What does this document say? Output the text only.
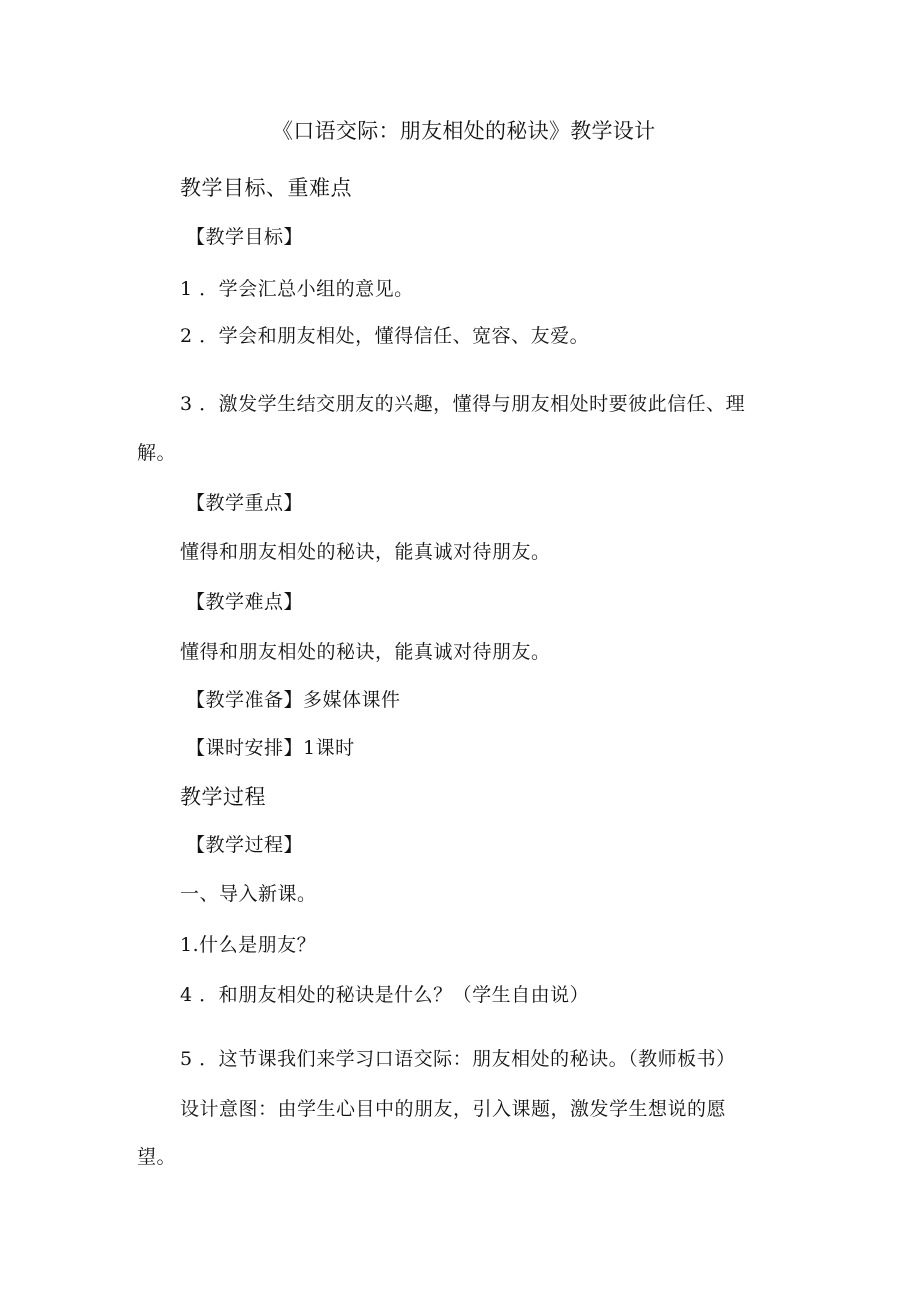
《口语交际：朋友相处的秘诀》教学设计
教学目标、重难点
【教学目标】
1 ．学会汇总小组的意见。
2 ．学会和朋友相处，懂得信任、宽容、友爱。
3 ．激发学生结交朋友的兴趣，懂得与朋友相处时要彼此信任、理
解。
【教学重点】
懂得和朋友相处的秘诀，能真诚对待朋友。
【教学难点】
懂得和朋友相处的秘诀，能真诚对待朋友。
【教学准备】多媒体课件
【课时安排】1课时
教学过程
【教学过程】
一、导入新课。
1.什么是朋友？
4 ．和朋友相处的秘诀是什么？（学生自由说）
5 ．这节课我们来学习口语交际：朋友相处的秘诀。（教师板书）
设计意图：由学生心目中的朋友，引入课题，激发学生想说的愿
望。
